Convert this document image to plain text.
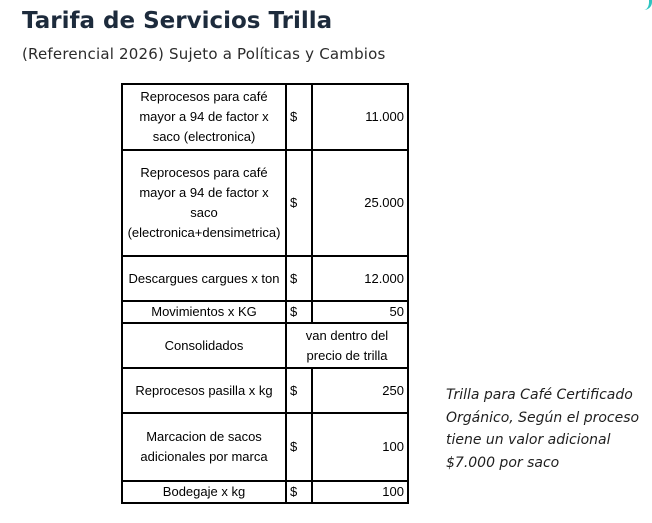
Tarifa de Servicios Trilla
(Referencial 2026) Sujeto a Políticas y Cambios
Reprocesos para café mayor a 94 de factor x saco (electronica)	$	11.000
Reprocesos para café mayor a 94 de factor x saco (electronica+densimetrica)	$	25.000
Descargues cargues x ton	$	12.000
Movimientos x KG	$	50
Consolidados	van dentro del precio de trilla	
Reprocesos pasilla x kg	$	250
Marcacion de sacos adicionales por marca	$	100
Bodegaje x kg	$	100
Trilla para Café Certificado Orgánico, Según el proceso tiene un valor adicional $7.000 por saco
